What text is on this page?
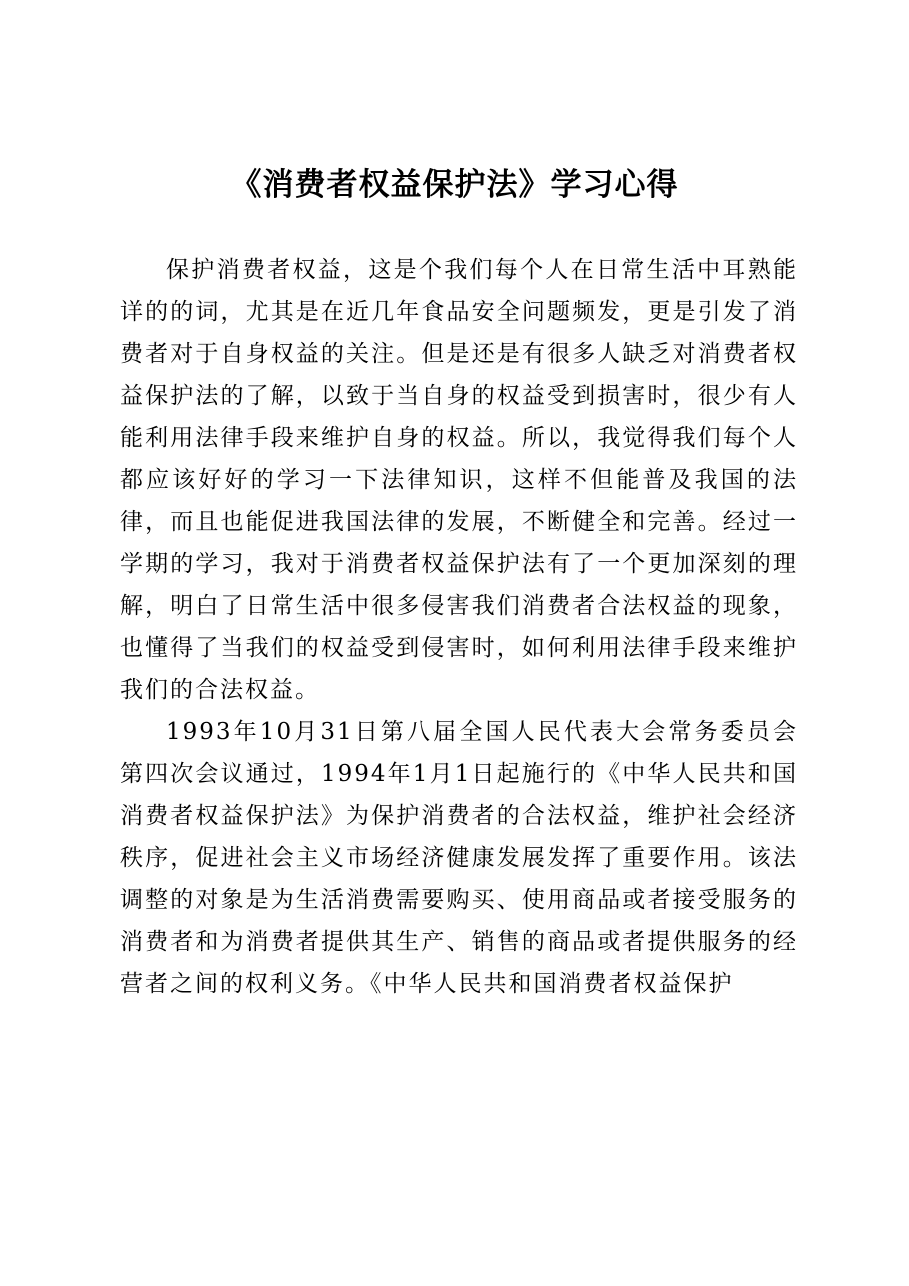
《消费者权益保护法》学习心得

保护消费者权益，这是个我们每个人在日常生活中耳熟能详的的词，尤其是在近几年食品安全问题频发，更是引发了消费者对于自身权益的关注。但是还是有很多人缺乏对消费者权益保护法的了解，以致于当自身的权益受到损害时，很少有人能利用法律手段来维护自身的权益。所以，我觉得我们每个人都应该好好的学习一下法律知识，这样不但能普及我国的法律，而且也能促进我国法律的发展，不断健全和完善。经过一学期的学习，我对于消费者权益保护法有了一个更加深刻的理解，明白了日常生活中很多侵害我们消费者合法权益的现象，也懂得了当我们的权益受到侵害时，如何利用法律手段来维护我们的合法权益。

1993年10月31日第八届全国人民代表大会常务委员会第四次会议通过，1994年1月1日起施行的《中华人民共和国消费者权益保护法》为保护消费者的合法权益，维护社会经济秩序，促进社会主义市场经济健康发展发挥了重要作用。该法调整的对象是为生活消费需要购买、使用商品或者接受服务的消费者和为消费者提供其生产、销售的商品或者提供服务的经营者之间的权利义务。《中华人民共和国消费者权益保护
